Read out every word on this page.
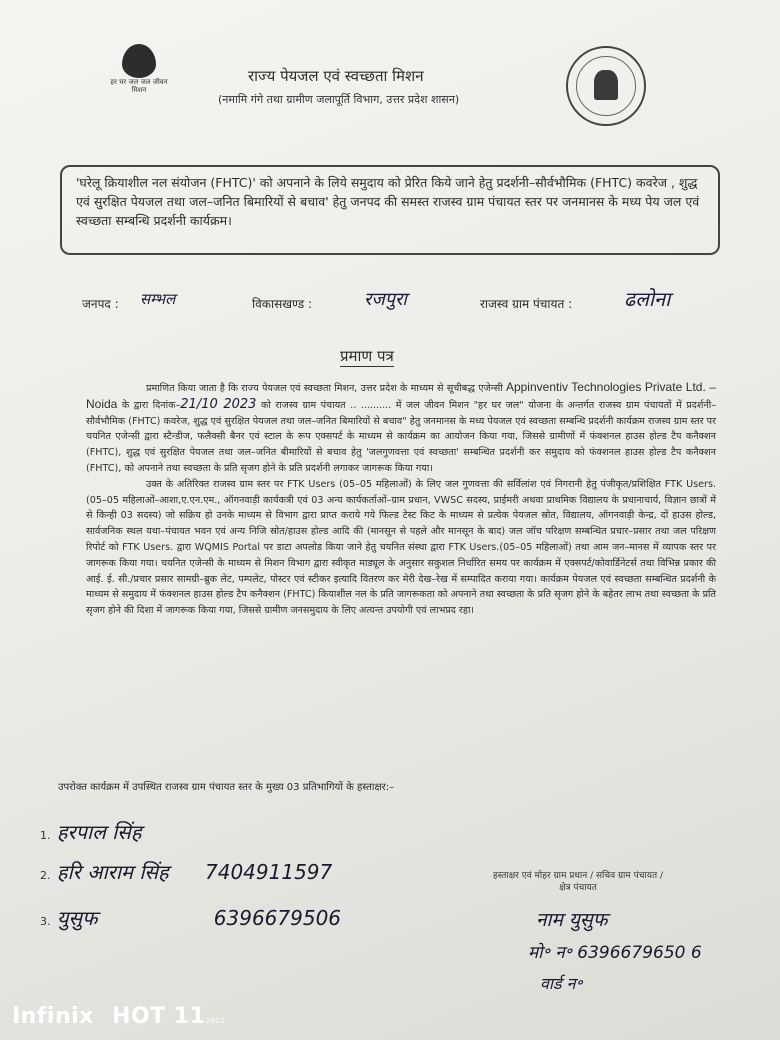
हर घर जल जल जीवन मिशन
राज्य पेयजल एवं स्वच्छता मिशन
(नमामि गंगे तथा ग्रामीण जलापूर्ति विभाग, उत्तर प्रदेश शासन)

'घरेलू क्रियाशील नल संयोजन (FHTC)' को अपनाने के लिये समुदाय को प्रेरित किये जाने हेतु प्रदर्शनी–सौर्वभौमिक (FHTC) कवरेज , शुद्ध एवं सुरक्षित पेयजल तथा जल–जनित बिमारियों से बचाव' हेतु जनपद की समस्त राजस्व ग्राम पंचायत स्तर पर जनमानस के मध्य पेय जल एवं स्वच्छता सम्बन्धि प्रदर्शनी कार्यक्रम।

जनपद : सम्भल	विकासखण्ड :	रजपुरा	राजस्व ग्राम पंचायत :	ढलोना
प्रमाण पत्र

प्रमाणित किया जाता है कि राज्य पेयजल एवं स्वच्छता मिशन, उत्तर प्रदेश के माध्यम से सूचीबद्ध एजेन्सी Appinventiv Technologies Private Ltd. – Noida के द्वारा दिनांक–21/10 2023 को राजस्व ग्राम पंचायत .. .......... में जल जीवन मिशन "हर घर जल" योजना के अन्तर्गत राजस्व ग्राम पंचायतों में प्रदर्शनी–सौर्वभौमिक (FHTC) कवरेज, शुद्ध एवं सुरक्षित पेयजल तथा जल–जनित बिमारियों से बचाव" हेतु जनमानस के मध्य पेयजल एवं स्वच्छता सम्बन्धि प्रदर्शनी कार्यक्रम राजस्व ग्राम स्तर पर चयनित एजेन्सी द्वारा स्टैन्डीज, फलैक्सी बैनर एवं स्टाल के रूप एक्सपर्ट के माध्यम से कार्यक्रम का आयोजन किया गया, जिससे ग्रामीणों में फंक्शनल हाउस होल्ड टैप कनैक्शन (FHTC), शुद्ध एवं सुरक्षित पेयजल तथा जल–जनित बीमारियों से बचाव हेतु 'जलगुणवत्ता एवं स्वच्छता' सम्बन्धित प्रदर्शनी कर समुदाय को फंक्शनल हाउस होल्ड टैप कनैक्शन (FHTC), को अपनाने तथा स्वच्छता के प्रति सृजग होने के प्रति प्रदर्शनी लगाकर जागरूक किया गया।

उक्त के अतिरिक्त राजस्व ग्राम स्तर पर FTK Users (05–05 महिलाओं) के लिए जल गुणवत्ता की सर्विलांश एवं निगरानी हेतु पंजीकृत/प्रशिक्षित FTK Users.(05–05 महिलाओं–आशा,ए.एन.एम., ऑगनवाड़ी कार्यकत्री एवं 03 अन्य कार्यकर्ताओं–ग्राम प्रधान, VWSC सदस्य, प्राईमरी अथवा प्राथमिक विद्यालय के प्रधानाचार्य, विज्ञान छात्रों में से किन्ही 03 सदस्य) जो सक्रिय हो उनके माध्यम से विभाग द्वारा प्राप्त कराये गये फिल्ड टेस्ट किट के माध्यम से प्रत्येक पेयजल स्रोत, विद्यालय, ऑगनवाड़ी केन्द्र, दों हाउस होल्ड, सार्वजनिक स्थल यथा–पंचायत भवन एवं अन्य निजि स्रोत/हाउस होल्ड आदि की (मानसून से पहले और मानसून के बाद) जल जॉच परिक्षण सम्बन्धित प्रचार–प्रसार तथा जल परिक्षण रिपोर्ट को FTK Users. द्वारा WQMIS Portal पर डाटा अपलोड किया जाने हेतु चयनित संस्था द्वारा FTK Users.(05–05 महिलाओं) तथा आम जन–मानस में व्यापक स्तर पर जागरूक किया गया। चयनित एजेन्सी के माध्यम से मिशन विभाग द्वारा स्वीकृत माड्यूल के अनुसार सकुशल निर्धारित समय पर कार्यक्रम में एक्सपर्ट/कोवार्डिनेटर्स तथा विभिन्न प्रकार की आई. ई. सी./प्रचार प्रसार सामग्री–ब्रुक लेट, पम्पलेट, पोस्टर एवं स्टीकर इत्यादि वितरण कर मेरी देख–रेख में सम्पादित कराया गया। कार्यक्रम पेयजल एवं स्वच्छता सम्बन्धित प्रदर्शनी के माध्यम से समुदाय में फंक्शनल हाउस होल्ड टैप कनैक्शन (FHTC) कियाशील नल के प्रति जागरूकता को अपनाने तथा स्वच्छता के प्रति सृजग होने के बहेतर लाभ तथा स्वच्छता के प्रति सृजग होने की दिशा में जागरूक किया गया, जिससे ग्रामीण जनसमुदाय के लिए अत्यन्त उपयोगी एवं लाभप्रद रहा।

उपरोक्त कार्यक्रम में उपस्थित राजस्व ग्राम पंचायत स्तर के मुख्य 03 प्रतिभागियों के हस्ताक्षर:–
1. हरपाल सिंह
2. हरि आराम सिंह 7404911597
3. युसुफ	6396679506
हस्ताक्षर एवं मोहर ग्राम प्रधान / सचिव ग्राम पंचायत / क्षेत्र पंचायत
नाम युसुफ
मो॰ न॰ 6396679650 6
वार्ड न॰
Infinix HOT 112022
